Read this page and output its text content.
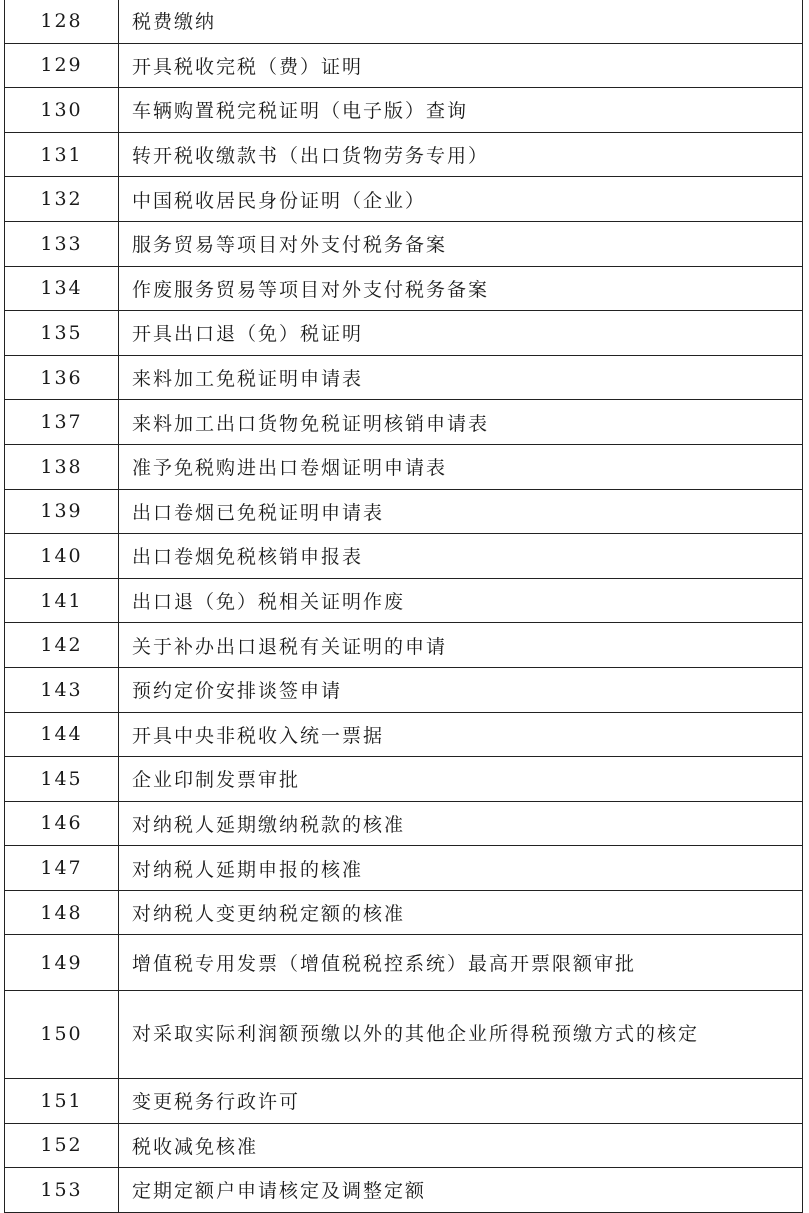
128	税费缴纳
129	开具税收完税（费）证明
130	车辆购置税完税证明（电子版）查询
131	转开税收缴款书（出口货物劳务专用）
132	中国税收居民身份证明（企业）
133	服务贸易等项目对外支付税务备案
134	作废服务贸易等项目对外支付税务备案
135	开具出口退（免）税证明
136	来料加工免税证明申请表
137	来料加工出口货物免税证明核销申请表
138	准予免税购进出口卷烟证明申请表
139	出口卷烟已免税证明申请表
140	出口卷烟免税核销申报表
141	出口退（免）税相关证明作废
142	关于补办出口退税有关证明的申请
143	预约定价安排谈签申请
144	开具中央非税收入统一票据
145	企业印制发票审批
146	对纳税人延期缴纳税款的核准
147	对纳税人延期申报的核准
148	对纳税人变更纳税定额的核准
149	增值税专用发票（增值税税控系统）最高开票限额审批
150	对采取实际利润额预缴以外的其他企业所得税预缴方式的核定
151	变更税务行政许可
152	税收减免核准
153	定期定额户申请核定及调整定额
